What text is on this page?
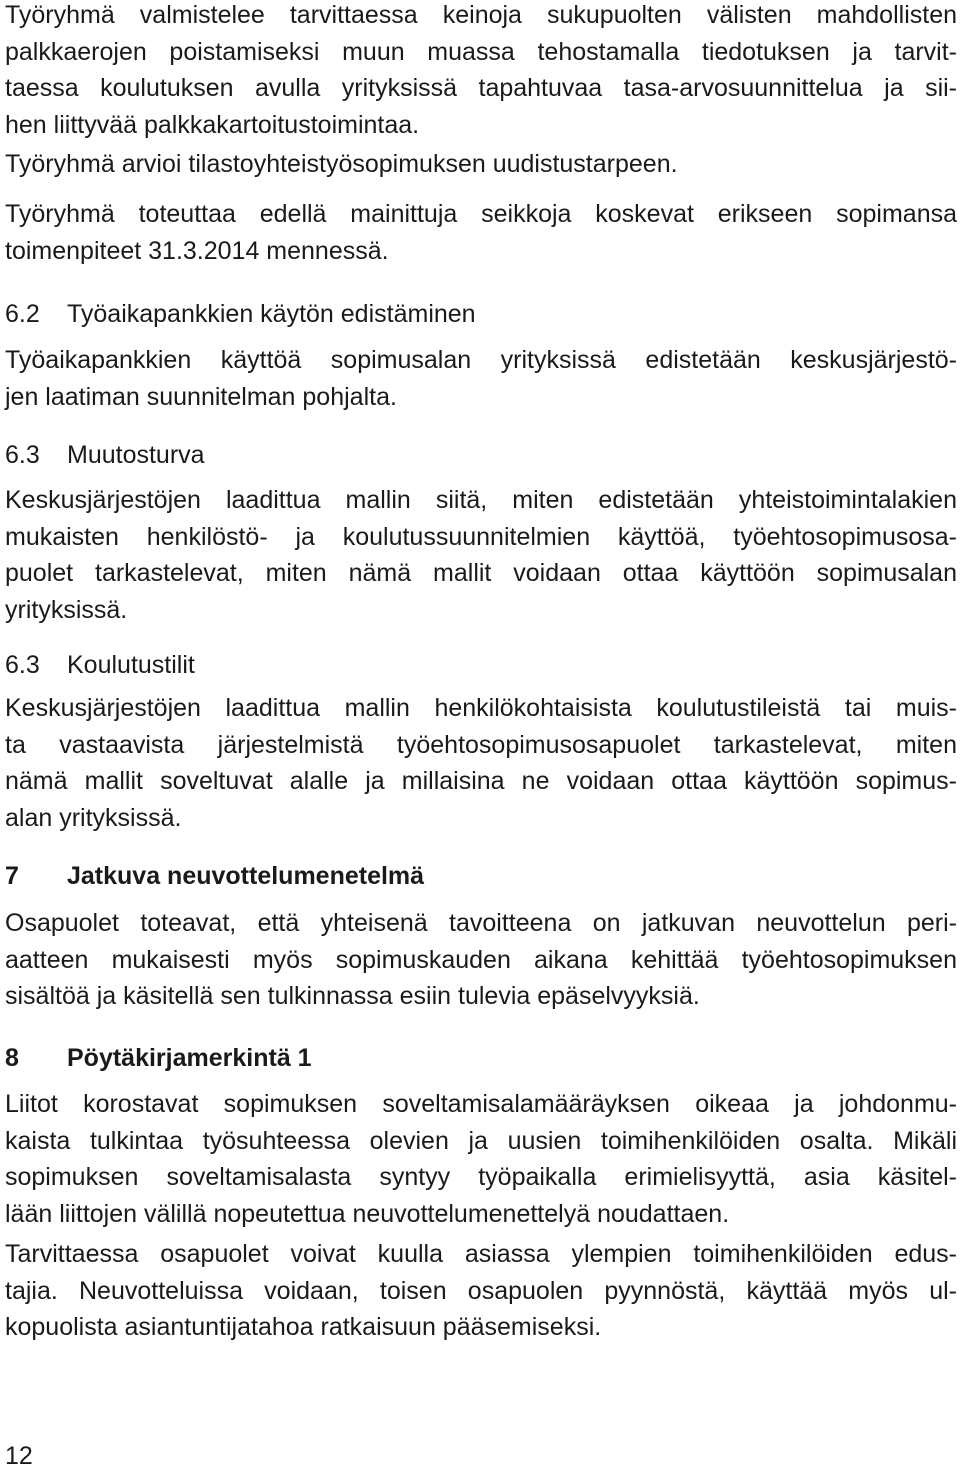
Työryhmä valmistelee tarvittaessa keinoja sukupuolten välisten mahdollisten
palkkaerojen poistamiseksi muun muassa tehostamalla tiedotuksen ja tarvit-
taessa koulutuksen avulla yrityksissä tapahtuvaa tasa-arvosuunnittelua ja sii-
hen liittyvää palkkakartoitustoimintaa.

Työryhmä arvioi tilastoyhteistyösopimuksen uudistustarpeen.

Työryhmä toteuttaa edellä mainittuja seikkoja koskevat erikseen sopimansa
toimenpiteet 31.3.2014 mennessä.

6.2 Työaikapankkien käytön edistäminen

Työaikapankkien käyttöä sopimusalan yrityksissä edistetään keskusjärjestö-
jen laatiman suunnitelman pohjalta.

6.3 Muutosturva

Keskusjärjestöjen laadittua mallin siitä, miten edistetään yhteistoimintalakien
mukaisten henkilöstö- ja koulutussuunnitelmien käyttöä, työehtosopimusosa-
puolet tarkastelevat, miten nämä mallit voidaan ottaa käyttöön sopimusalan
yrityksissä.

6.3 Koulutustilit

Keskusjärjestöjen laadittua mallin henkilökohtaisista koulutustileistä tai muis-
ta vastaavista järjestelmistä työehtosopimusosapuolet tarkastelevat, miten
nämä mallit soveltuvat alalle ja millaisina ne voidaan ottaa käyttöön sopimus-
alan yrityksissä.

7 Jatkuva neuvottelumenetelmä

Osapuolet toteavat, että yhteisenä tavoitteena on jatkuvan neuvottelun peri-
aatteen mukaisesti myös sopimuskauden aikana kehittää työehtosopimuksen
sisältöä ja käsitellä sen tulkinnassa esiin tulevia epäselvyyksiä.

8 Pöytäkirjamerkintä 1

Liitot korostavat sopimuksen soveltamisalamääräyksen oikeaa ja johdonmu-
kaista tulkintaa työsuhteessa olevien ja uusien toimihenkilöiden osalta. Mikäli
sopimuksen soveltamisalasta syntyy työpaikalla erimielisyyttä, asia käsitel-
lään liittojen välillä nopeutettua neuvottelumenettelyä noudattaen.

Tarvittaessa osapuolet voivat kuulla asiassa ylempien toimihenkilöiden edus-
tajia. Neuvotteluissa voidaan, toisen osapuolen pyynnöstä, käyttää myös ul-
kopuolista asiantuntijatahoa ratkaisuun pääsemiseksi.

12
